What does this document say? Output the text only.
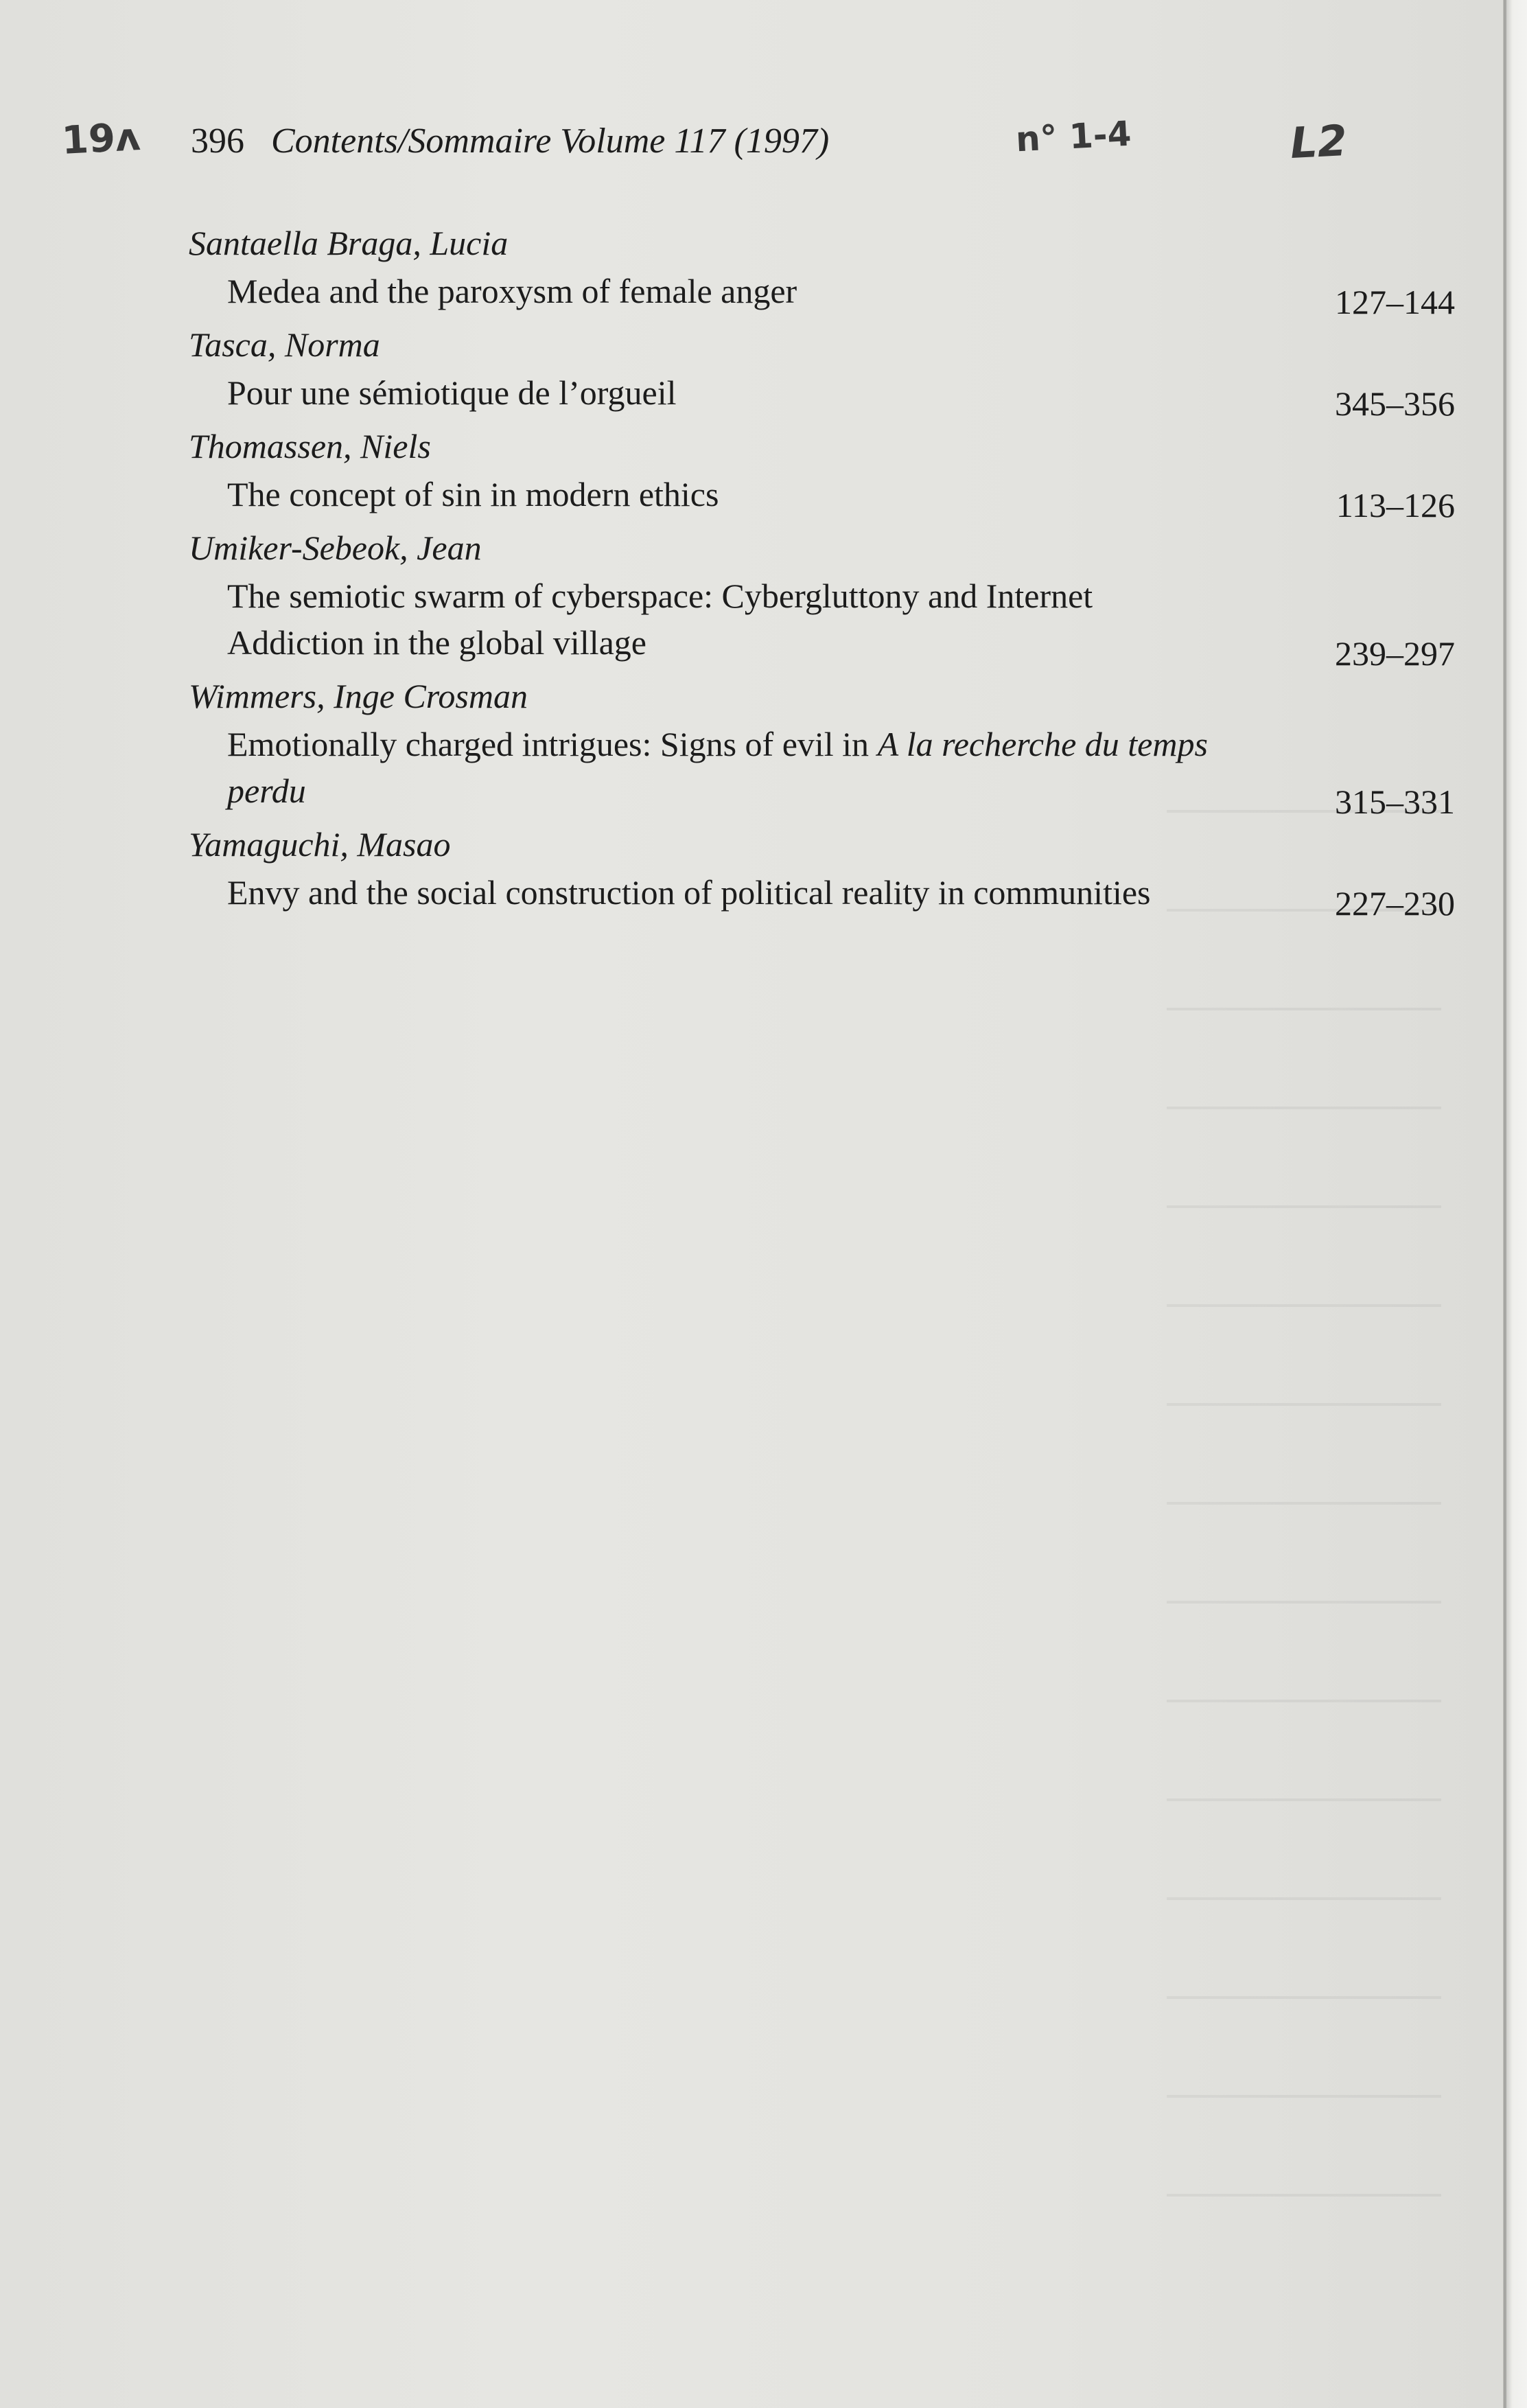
19ʌ	n° 1-4	L2
396 Contents/Sommaire Volume 117 (1997)
Santaella Braga, Lucia
Medea and the paroxysm of female anger	127–144
Tasca, Norma
Pour une sémiotique de l’orgueil	345–356
Thomassen, Niels
The concept of sin in modern ethics	113–126
Umiker-Sebeok, Jean
The semiotic swarm of cyberspace: Cybergluttony and Internet Addiction in the global village	239–297
Wimmers, Inge Crosman
Emotionally charged intrigues: Signs of evil in A la recherche du temps perdu	315–331
Yamaguchi, Masao
Envy and the social construction of political reality in communities	227–230
